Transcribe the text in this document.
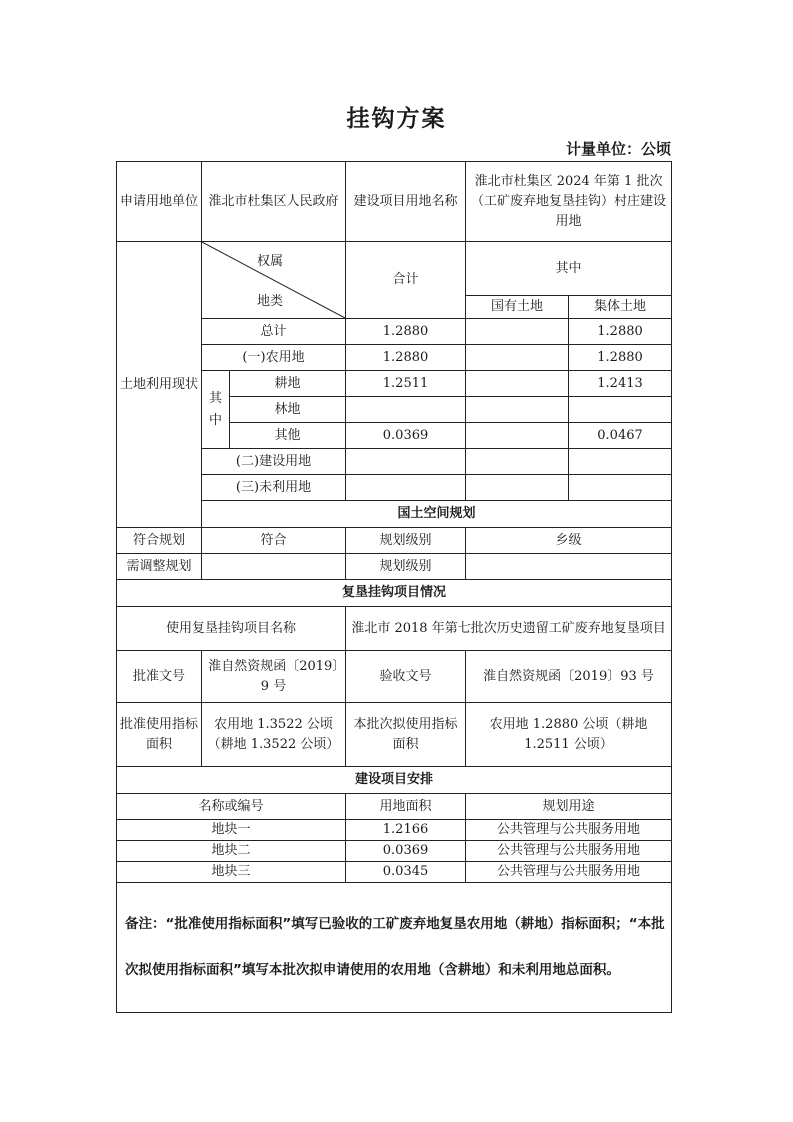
挂钩方案
计量单位：公顷
申请用地单位	淮北市杜集区人民政府		建设项目用地名称	淮北市杜集区 2024 年第 1 批次（工矿废弃地复垦挂钩）村庄建设用地	
土地利用现状	权属
地类		合计	其中	
				国有土地	集体土地
	总计		1.2880		1.2880
	(一)农用地		1.2880		1.2880
	其中	耕地	1.2511		1.2413
		林地			
		其他	0.0369		0.0467
	(二)建设用地				
	(三)未利用地				
	国土空间规划				
符合规划	符合		规划级别	乡级	
需调整规划			规划级别		
复垦挂钩项目情况					
使用复垦挂钩项目名称			淮北市 2018 年第七批次历史遗留工矿废弃地复垦项目		
批准文号	淮自然资规函〔2019〕9 号		验收文号	淮自然资规函〔2019〕93 号	
批准使用指标面积	农用地 1.3522 公顷（耕地 1.3522 公顷）		本批次拟使用指标面积	农用地 1.2880 公顷（耕地 1.2511 公顷）	
建设项目安排					
名称或编号			用地面积	规划用途	
地块一			1.2166	公共管理与公共服务用地	
地块二			0.0369	公共管理与公共服务用地	
地块三			0.0345	公共管理与公共服务用地	
备注：“批准使用指标面积”填写已验收的工矿废弃地复垦农用地（耕地）指标面积；“本批次拟使用指标面积”填写本批次拟申请使用的农用地（含耕地）和未利用地总面积。					
